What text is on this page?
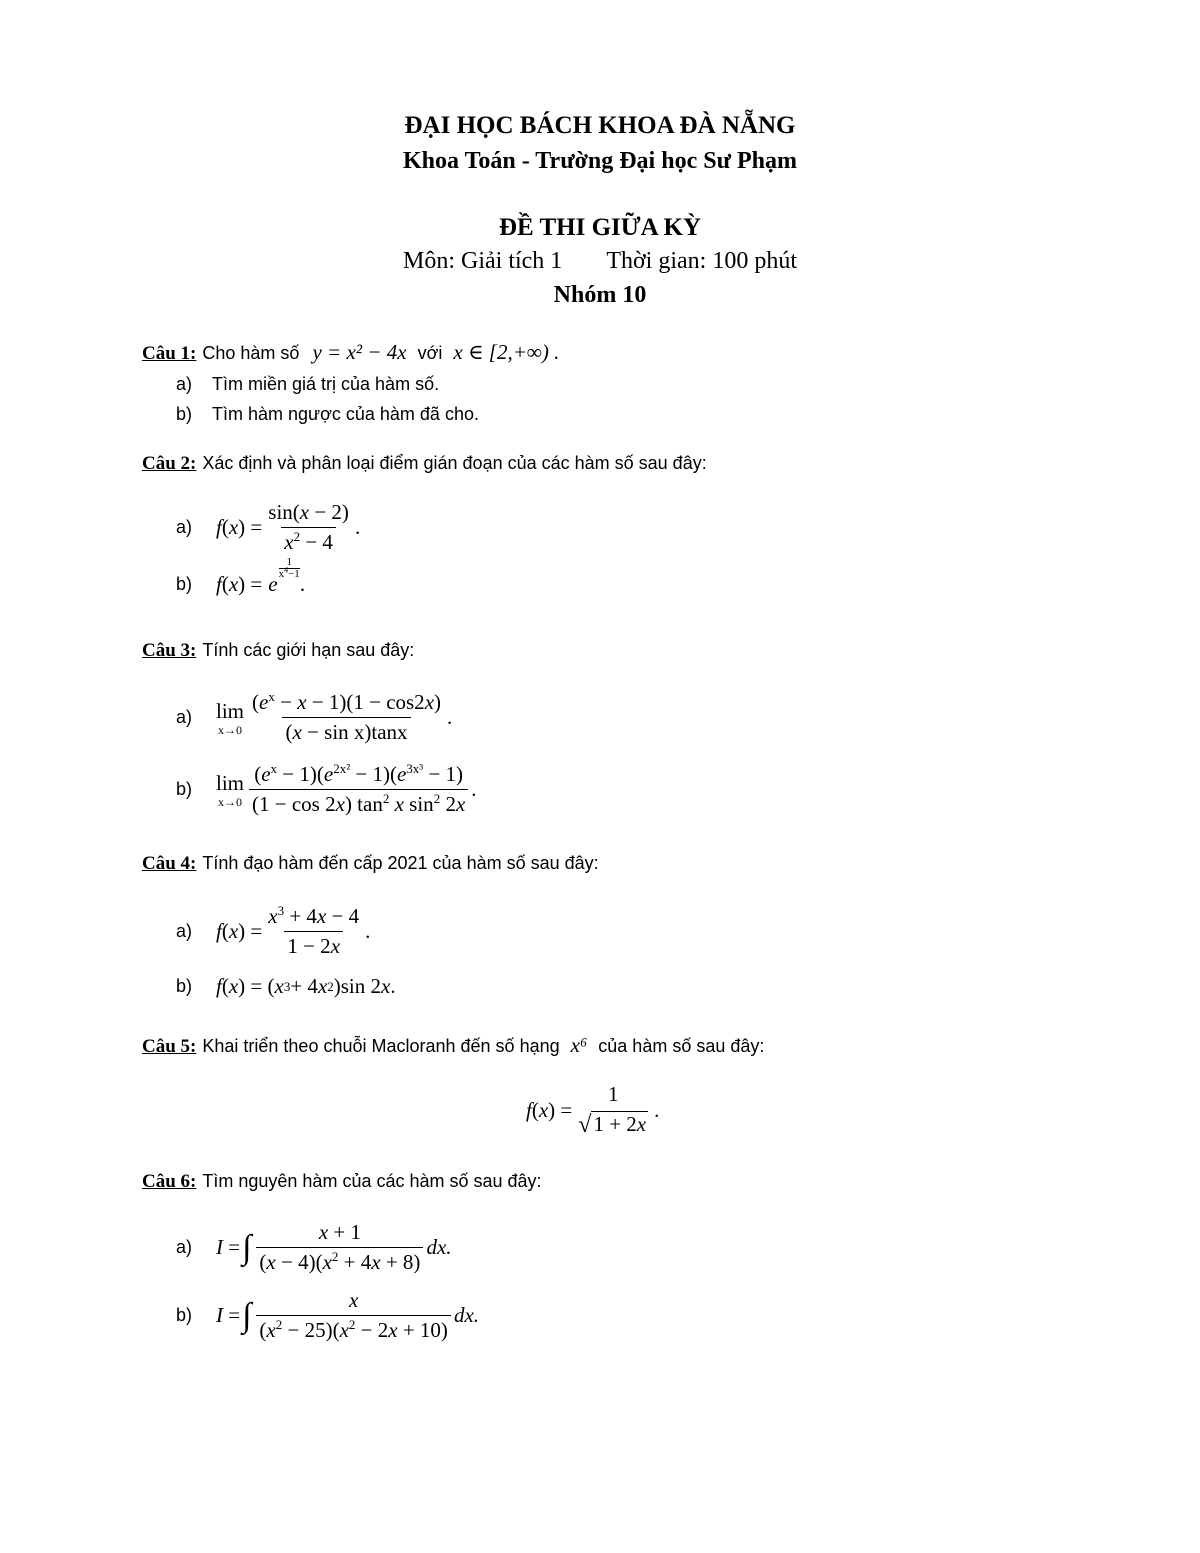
ĐẠI HỌC BÁCH KHOA ĐÀ NẴNG
Khoa Toán - Trường Đại học Sư Phạm
ĐỀ THI GIỮA KỲ
Môn: Giải tích 1 Thời gian: 100 phút
Nhóm 10
Câu 1: Cho hàm số y = x² − 4x với x ∈ [2,+∞) .
a) Tìm miền giá trị của hàm số.
b) Tìm hàm ngược của hàm đã cho.
Câu 2: Xác định và phân loại điểm gián đoạn của các hàm số sau đây:
a)	f ( x ) = $\frac{\sin(x - 2)}{x^2 - 4}$ .
b)	f ( x ) = e
1
$x^4-1$ .
Câu 3: Tính các giới hạn sau đây:
a)	lim
$x\to 0 \frac{(e^x - x - 1)(1 - \cos 2x)}{\text{(x − sin x)tanx}}$ .
b)	lim
$x\to 0 \frac{(e^x - 1)(e^{2x^2} - 1)(e^{3x^3} - 1)}{(1 - \cos 2x) \tan^2 x \sin^2 2x}$ .
Câu 4: Tính đạo hàm đến cấp 2021 của hàm số sau đây:
a)	f ( x ) = $\frac{x^3 + 4x - 4}{1 - 2x}$ .
b)	f ( x ) = ( x 3 + 4 x 2 )sin 2 x .
Câu 5: Khai triển theo chuỗi Macloranh đến số hạng x⁶ của hàm số sau đây:
f ( x ) =
1
√ 1 + 2x
.
Câu 6: Tìm nguyên hàm của các hàm số sau đây:
a)	I = ∫ $\frac{x + 1}{(x - 4)(x^2 + 4x + 8)}$ dx.
b)	I = ∫ $\frac{x}{(x^2 - 25)(x^2 - 2x + 10)}$ dx.
